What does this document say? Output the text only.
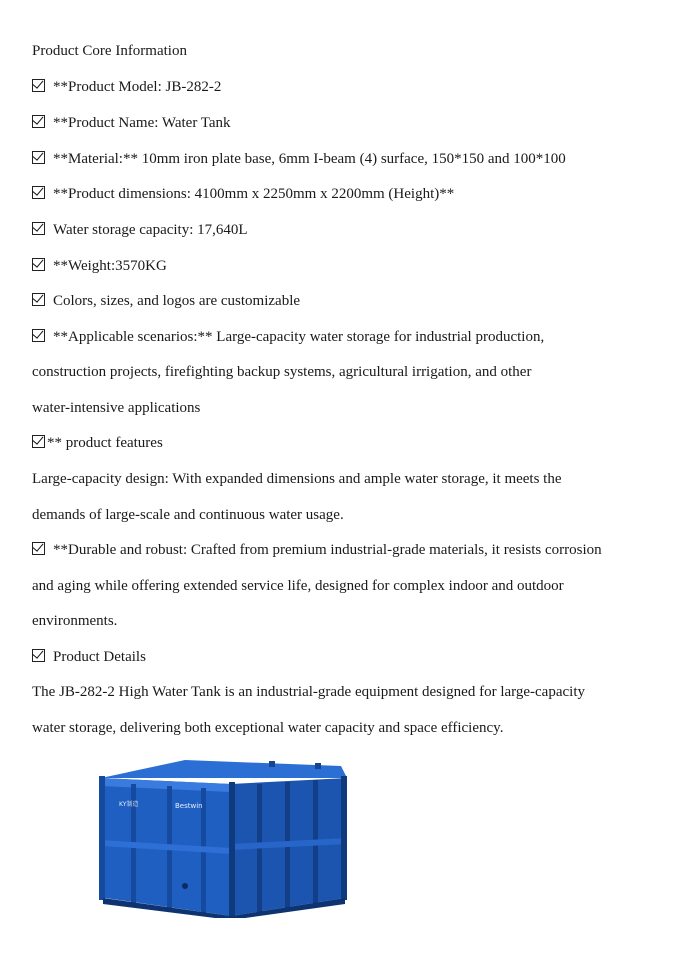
Product Core Information
**Product Model: JB-282-2
**Product Name: Water Tank
**Material:** 10mm iron plate base, 6mm I-beam (4) surface, 150*150 and 100*100
**Product dimensions: 4100mm x 2250mm x 2200mm (Height)**
Water storage capacity: 17,640L
**Weight:3570KG
Colors, sizes, and logos are customizable
**Applicable scenarios:** Large-capacity water storage for industrial production,
construction projects, firefighting backup systems, agricultural irrigation, and other
water-intensive applications
** product features
Large-capacity design: With expanded dimensions and ample water storage, it meets the
demands of large-scale and continuous water usage.
**Durable and robust: Crafted from premium industrial-grade materials, it resists corrosion
and aging while offering extended service life, designed for complex indoor and outdoor
environments.
Product Details
The JB-282-2 High Water Tank is an industrial-grade equipment designed for large-capacity
water storage, delivering both exceptional water capacity and space efficiency.
KY制造	Bestwin
